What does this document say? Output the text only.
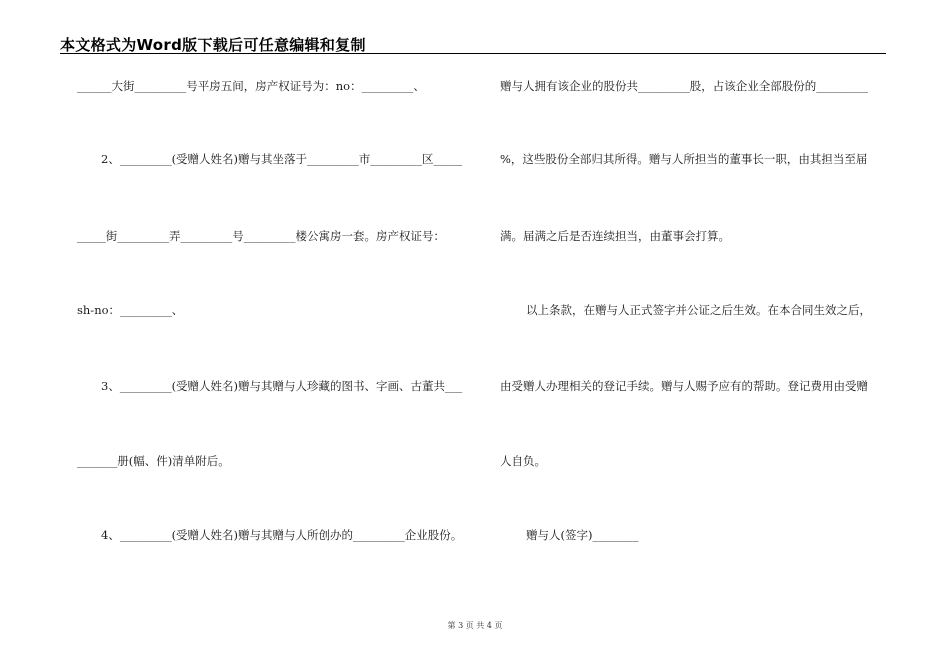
本文格式为Word版下载后可任意编辑和复制
______大街_________号平房五间，房产权证号为：no：_________、
2、_________(受赠人姓名)赠与其坐落于_________市_________区_____
_____街_________弄_________号_________楼公寓房一套。房产权证号：
sh-no：_________、
3、_________(受赠人姓名)赠与其赠与人珍藏的图书、字画、古董共___
_______册(幅、件)清单附后。
4、_________(受赠人姓名)赠与其赠与人所创办的_________企业股份。
赠与人拥有该企业的股份共_________股，占该企业全部股份的_________
%，这些股份全部归其所得。赠与人所担当的董事长一职，由其担当至届
满。届满之后是否连续担当，由董事会打算。
以上条款，在赠与人正式签字并公证之后生效。在本合同生效之后，
由受赠人办理相关的登记手续。赠与人赐予应有的帮助。登记费用由受赠
人自负。
赠与人(签字)________
第 3 页 共 4 页
